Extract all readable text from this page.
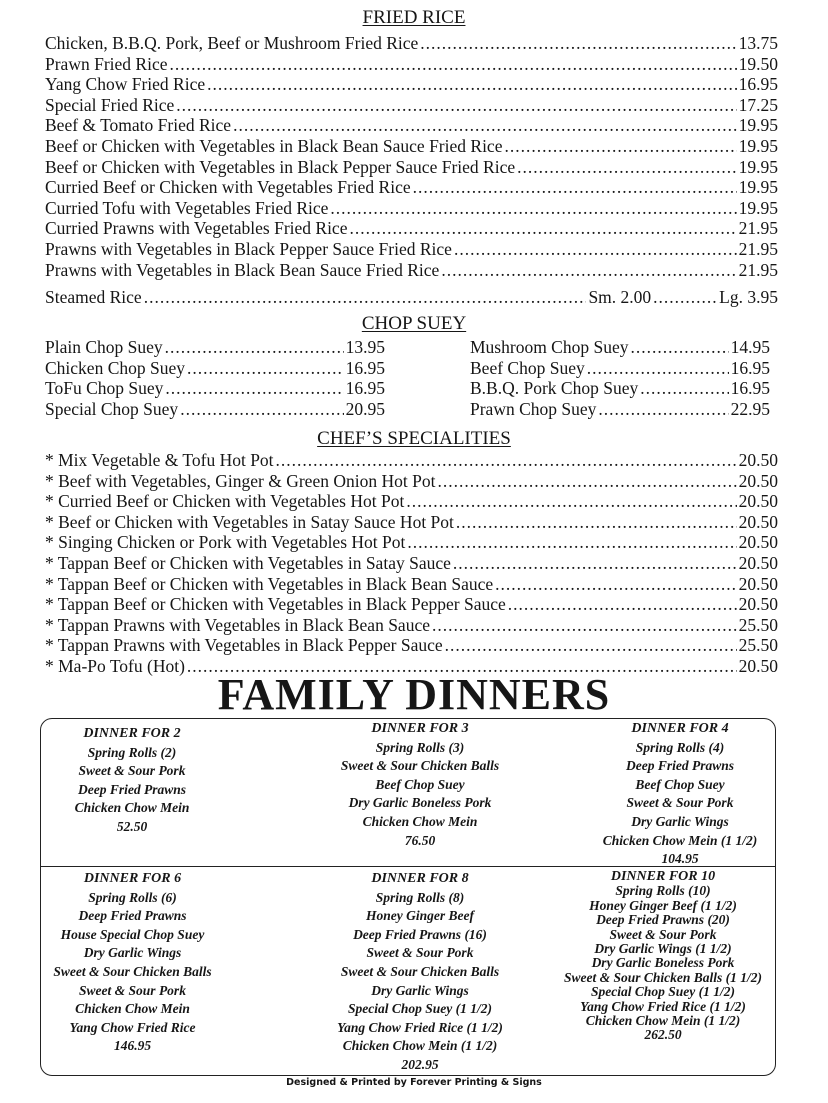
FRIED RICE
Chicken, B.B.Q. Pork, Beef or Mushroom Fried Rice .....	13.75
Prawn Fried Rice .....	19.50
Yang Chow Fried Rice .....	16.95
Special Fried Rice .....	17.25
Beef & Tomato Fried Rice .....	19.95
Beef or Chicken with Vegetables in Black Bean Sauce Fried Rice .....	19.95
Beef or Chicken with Vegetables in Black Pepper Sauce Fried Rice .....	19.95
Curried Beef or Chicken with Vegetables Fried Rice .....	19.95
Curried Tofu with Vegetables Fried Rice .....	19.95
Curried Prawns with Vegetables Fried Rice .....	21.95
Prawns with Vegetables in Black Pepper Sauce Fried Rice .....	21.95
Prawns with Vegetables in Black Bean Sauce Fried Rice .....	21.95
Steamed Rice .....	Sm. 2.00 .....	Lg. 3.95
CHOP SUEY
Plain Chop Suey .....	13.95
Chicken Chop Suey .....	16.95
ToFu Chop Suey .....	16.95
Special Chop Suey .....	20.95
Mushroom Chop Suey .....	14.95
Beef Chop Suey .....	16.95
B.B.Q. Pork Chop Suey .....	16.95
Prawn Chop Suey .....	22.95
CHEF’S SPECIALITIES
* Mix Vegetable & Tofu Hot Pot .....	20.50
* Beef with Vegetables, Ginger & Green Onion Hot Pot .....	20.50
* Curried Beef or Chicken with Vegetables Hot Pot .....	20.50
* Beef or Chicken with Vegetables in Satay Sauce Hot Pot .....	20.50
* Singing Chicken or Pork with Vegetables Hot Pot .....	20.50
* Tappan Beef or Chicken with Vegetables in Satay Sauce .....	20.50
* Tappan Beef or Chicken with Vegetables in Black Bean Sauce .....	20.50
* Tappan Beef or Chicken with Vegetables in Black Pepper Sauce .....	20.50
* Tappan Prawns with Vegetables in Black Bean Sauce .....	25.50
* Tappan Prawns with Vegetables in Black Pepper Sauce .....	25.50
* Ma-Po Tofu (Hot) .....	20.50
FAMILY DINNERS
DINNER FOR 2
Spring Rolls (2)
Sweet & Sour Pork
Deep Fried Prawns
Chicken Chow Mein
52.50
DINNER FOR 3
Spring Rolls (3)
Sweet & Sour Chicken Balls
Beef Chop Suey
Dry Garlic Boneless Pork
Chicken Chow Mein
76.50
DINNER FOR 4
Spring Rolls (4)
Deep Fried Prawns
Beef Chop Suey
Sweet & Sour Pork
Dry Garlic Wings
Chicken Chow Mein (1 1/2)
104.95
DINNER FOR 6
Spring Rolls (6)
Deep Fried Prawns
House Special Chop Suey
Dry Garlic Wings
Sweet & Sour Chicken Balls
Sweet & Sour Pork
Chicken Chow Mein
Yang Chow Fried Rice
146.95
DINNER FOR 8
Spring Rolls (8)
Honey Ginger Beef
Deep Fried Prawns (16)
Sweet & Sour Pork
Sweet & Sour Chicken Balls
Dry Garlic Wings
Special Chop Suey (1 1/2)
Yang Chow Fried Rice (1 1/2)
Chicken Chow Mein (1 1/2)
202.95
DINNER FOR 10
Spring Rolls (10)
Honey Ginger Beef (1 1/2)
Deep Fried Prawns (20)
Sweet & Sour Pork
Dry Garlic Wings (1 1/2)
Dry Garlic Boneless Pork
Sweet & Sour Chicken Balls (1 1/2)
Special Chop Suey (1 1/2)
Yang Chow Fried Rice (1 1/2)
Chicken Chow Mein (1 1/2)
262.50
Designed & Printed by Forever Printing & Signs
